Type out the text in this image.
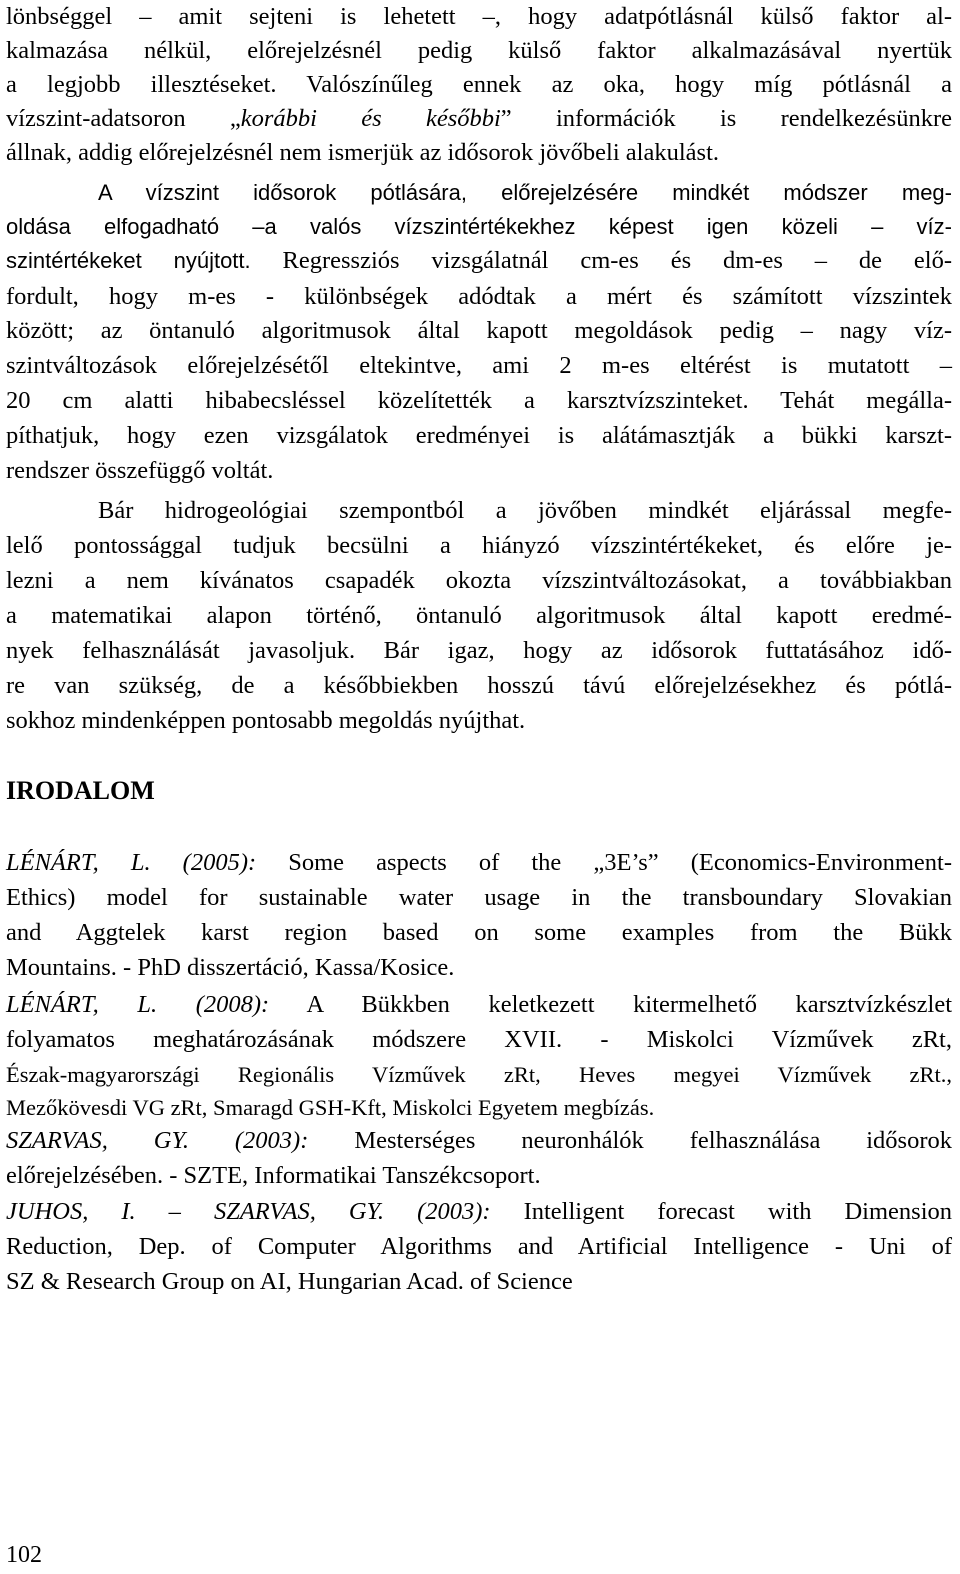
lönbséggel – amit sejteni is lehetett –, hogy adatpótlásnál külső faktor al-
kalmazása nélkül, előrejelzésnél pedig külső faktor alkalmazásával nyertük
a legjobb illesztéseket. Valószínűleg ennek az oka, hogy míg pótlásnál a
vízszint-adatsoron „korábbi és későbbi” információk is rendelkezésünkre
állnak, addig előrejelzésnél nem ismerjük az idősorok jövőbeli alakulást.
A vízszint idősorok pótlására, előrejelzésére mindkét módszer meg-
oldása elfogadható –a valós vízszintértékekhez képest igen közeli – víz-
szintértékeket nyújtott. Regressziós vizsgálatnál cm-es és dm-es – de elő-
fordult, hogy m-es - különbségek adódtak a mért és számított vízszintek
között; az öntanuló algoritmusok által kapott megoldások pedig – nagy víz-
szintváltozások előrejelzésétől eltekintve, ami 2 m-es eltérést is mutatott –
20 cm alatti hibabecsléssel közelítették a karsztvízszinteket. Tehát megálla-
píthatjuk, hogy ezen vizsgálatok eredményei is alátámasztják a bükki karszt-
rendszer összefüggő voltát.
Bár hidrogeológiai szempontból a jövőben mindkét eljárással megfe-
lelő pontossággal tudjuk becsülni a hiányzó vízszintértékeket, és előre je-
lezni a nem kívánatos csapadék okozta vízszintváltozásokat, a továbbiakban
a matematikai alapon történő, öntanuló algoritmusok által kapott eredmé-
nyek felhasználását javasoljuk. Bár igaz, hogy az idősorok futtatásához idő-
re van szükség, de a későbbiekben hosszú távú előrejelzésekhez és pótlá-
sokhoz mindenképpen pontosabb megoldás nyújthat.
IRODALOM
LÉNÁRT, L. (2005): Some aspects of the „3E’s” (Economics-Environment-
Ethics) model for sustainable water usage in the transboundary Slovakian
and Aggtelek karst region based on some examples from the Bükk
Mountains. - PhD disszertáció, Kassa/Kosice.
LÉNÁRT, L. (2008): A Bükkben keletkezett kitermelhető karsztvízkészlet
folyamatos meghatározásának módszere XVII. - Miskolci Vízművek zRt,
Észak-magyarországi Regionális Vízművek zRt, Heves megyei Vízművek zRt.,
Mezőkövesdi VG zRt, Smaragd GSH-Kft, Miskolci Egyetem megbízás.
SZARVAS, GY. (2003): Mesterséges neuronhálók felhasználása idősorok
előrejelzésében. - SZTE, Informatikai Tanszékcsoport.
JUHOS, I. – SZARVAS, GY. (2003): Intelligent forecast with Dimension
Reduction, Dep. of Computer Algorithms and Artificial Intelligence - Uni of
SZ & Research Group on AI, Hungarian Acad. of Science
102
